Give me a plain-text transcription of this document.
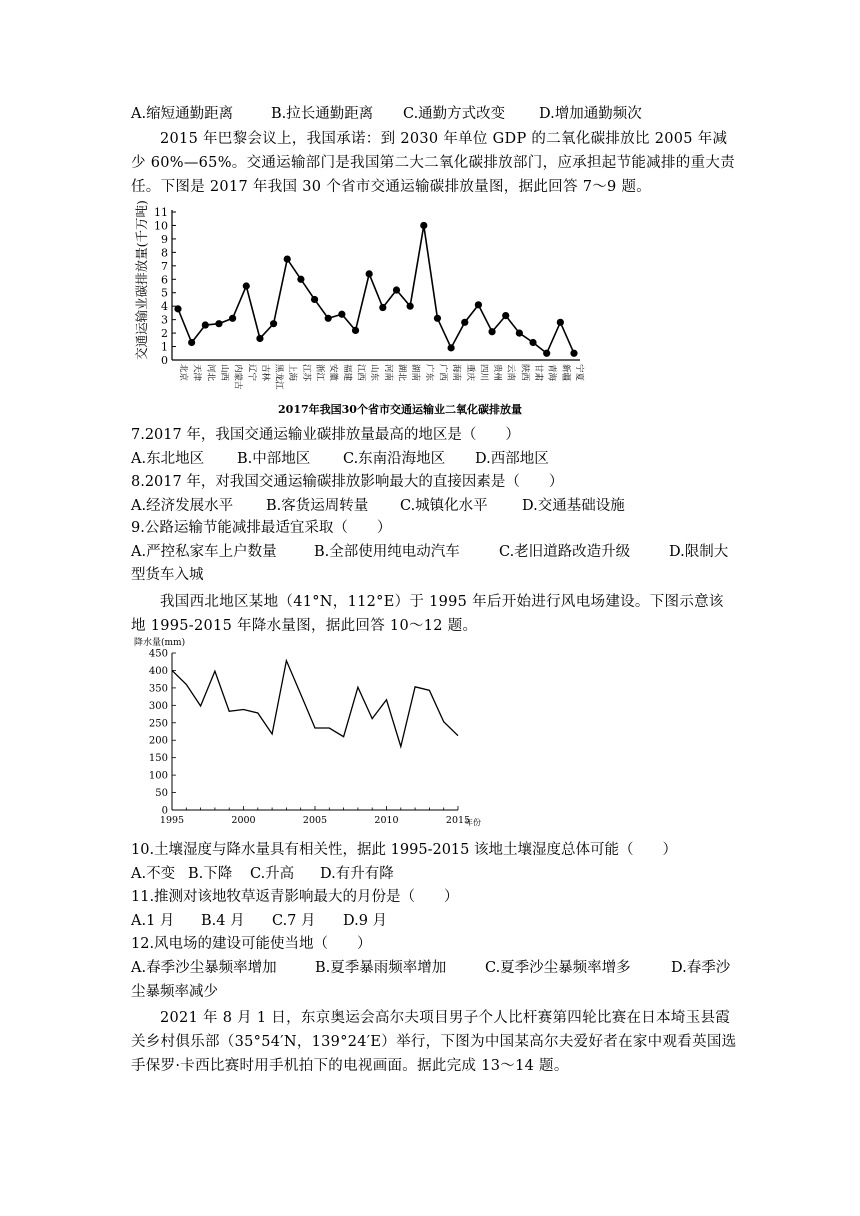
A.缩短通勤距离	B.拉长通勤距离 C.通勤方式改变 D.增加通勤频次
2015 年巴黎会议上，我国承诺：到 2030 年单位 GDP 的二氧化碳排放比 2005 年减少 60%—65%。交通运输部门是我国第二大二氧化碳排放部门，应承担起节能减排的重大责任。下图是 2017 年我国 30 个省市交通运输碳排放量图，据此回答 7～9 题。
0
1
2
3
4
5
6
7
8
9
10
11
北京 天津 河北 山西 内蒙古 辽宁 吉林 黑龙江 上海 江苏 浙江 安徽 福建 江西 山东 河南 湖北 湖南 广东 广西 海南 重庆 四川 贵州 云南 陕西 甘肃 青海 新疆 宁夏
交通运输业碳排放量(千万吨)
2017年我国30个省市交通运输业二氧化碳排放量
7.2017 年，我国交通运输业碳排放量最高的地区是（　　）
A.东北地区 B.中部地区 C.东南沿海地区 D.西部地区
8.2017 年，对我国交通运输碳排放影响最大的直接因素是（　　）
A.经济发展水平 B.客货运周转量 C.城镇化水平 D.交通基础设施
9.公路运输节能减排最适宜采取（　　）
A.严控私家车上户数量	B.全部使用纯电动汽车	C.老旧道路改造升级	D.限制大
型货车入城
我国西北地区某地（41°N，112°E）于 1995 年后开始进行风电场建设。下图示意该地 1995-2015 年降水量图，据此回答 10～12 题。
0
50
100
150
200
250
300
350
400
450
1995	2000	2005	2010	2015
降水量(mm)
年份
10.土壤湿度与降水量具有相关性，据此 1995-2015 该地土壤湿度总体可能（　　）
A.不变 B.下降 C.升高 D.有升有降
11.推测对该地牧草返青影响最大的月份是（　　）
A.1 月 B.4 月 C.7 月 D.9 月
12.风电场的建设可能使当地（　　）
A.春季沙尘暴频率增加	B.夏季暴雨频率增加	C.夏季沙尘暴频率增多	D.春季沙
尘暴频率减少
2021 年 8 月 1 日，东京奥运会高尔夫项目男子个人比杆赛第四轮比赛在日本埼玉县霞关乡村俱乐部（35°54′N，139°24′E）举行，下图为中国某高尔夫爱好者在家中观看英国选手保罗·卡西比赛时用手机拍下的电视画面。据此完成 13～14 题。
